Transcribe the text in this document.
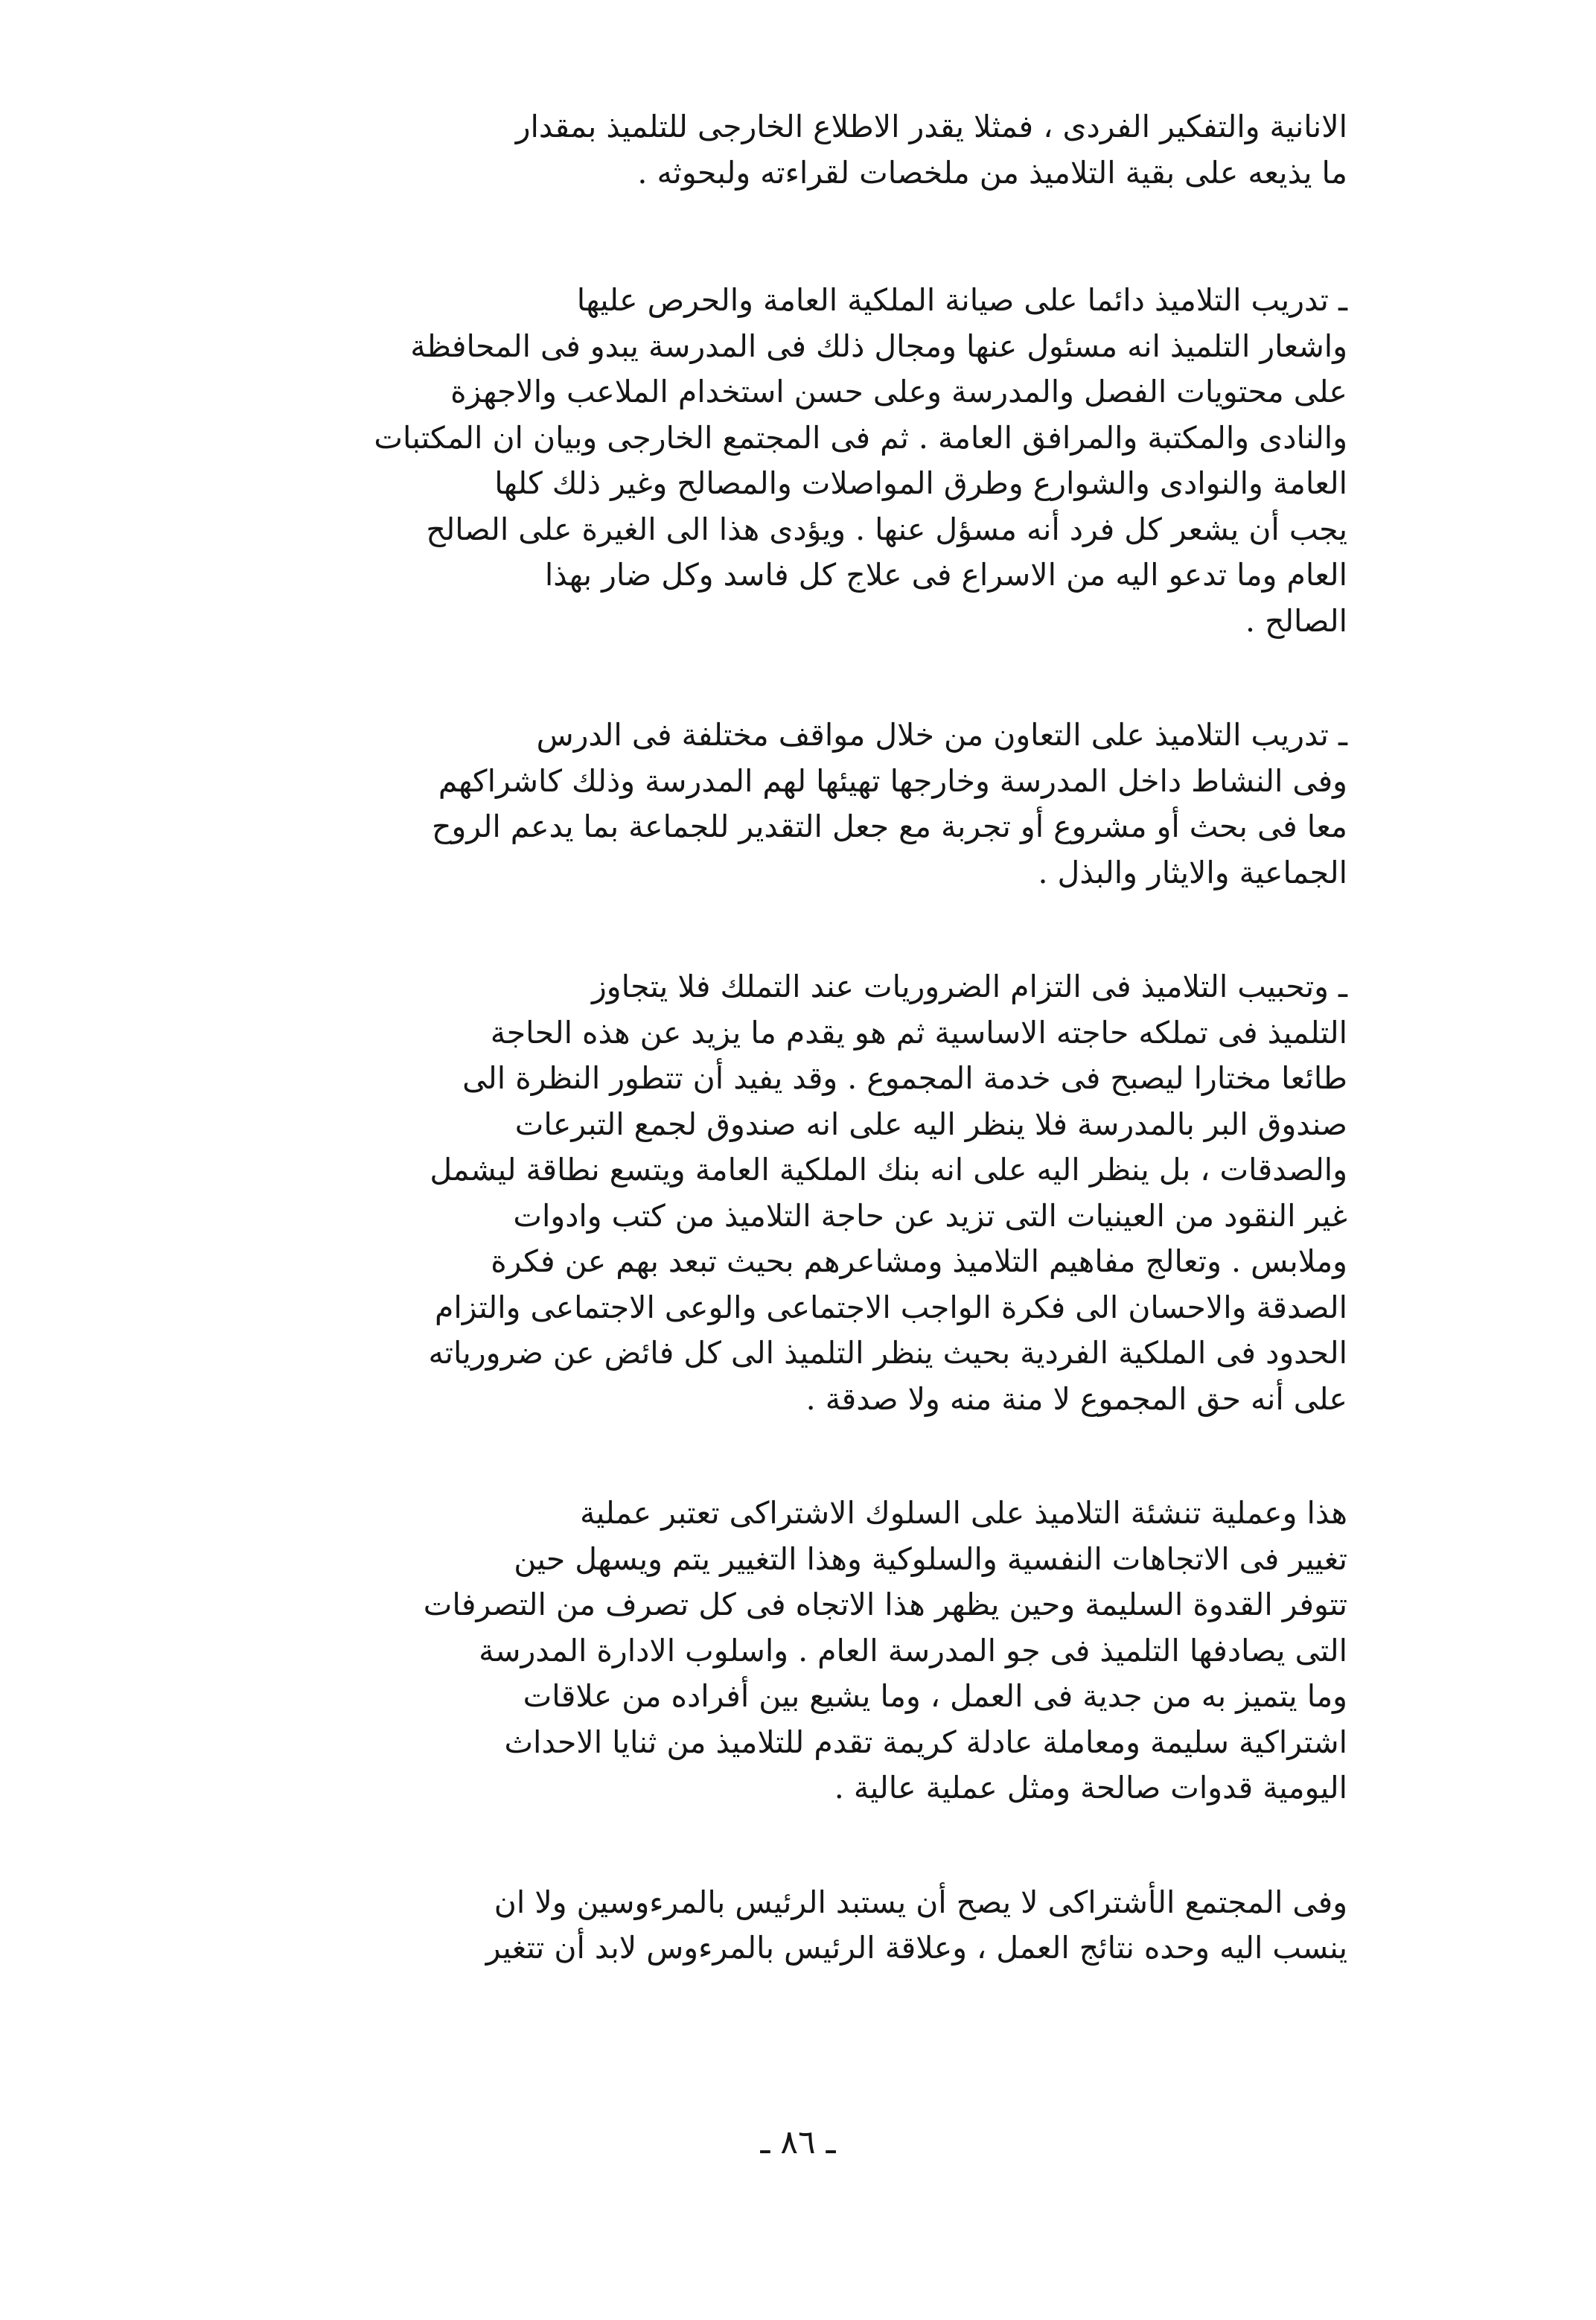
الانانية والتفكير الفردى ، فمثلا يقدر الاطلاع الخارجى للتلميذ بمقدار
ما يذيعه على بقية التلاميذ من ملخصات لقراءته ولبحوثه .

ـ تدريب التلاميذ دائما على صيانة الملكية العامة والحرص عليها
واشعار التلميذ انه مسئول عنها ومجال ذلك فى المدرسة يبدو فى المحافظة
على محتويات الفصل والمدرسة وعلى حسن استخدام الملاعب والاجهزة
والنادى والمكتبة والمرافق العامة . ثم فى المجتمع الخارجى وبيان ان المكتبات
العامة والنوادى والشوارع وطرق المواصلات والمصالح وغير ذلك كلها
يجب أن يشعر كل فرد أنه مسؤل عنها . ويؤدى هذا الى الغيرة على الصالح
العام وما تدعو اليه من الاسراع فى علاج كل فاسد وكل ضار بهذا
الصالح .

ـ تدريب التلاميذ على التعاون من خلال مواقف مختلفة فى الدرس
وفى النشاط داخل المدرسة وخارجها تهيئها لهم المدرسة وذلك كاشراكهم
معا فى بحث أو مشروع أو تجربة مع جعل التقدير للجماعة بما يدعم الروح
الجماعية والايثار والبذل .

ـ وتحبيب التلاميذ فى التزام الضروريات عند التملك فلا يتجاوز
التلميذ فى تملكه حاجته الاساسية ثم هو يقدم ما يزيد عن هذه الحاجة
طائعا مختارا ليصبح فى خدمة المجموع . وقد يفيد أن تتطور النظرة الى
صندوق البر بالمدرسة فلا ينظر اليه على انه صندوق لجمع التبرعات
والصدقات ، بل ينظر اليه على انه بنك الملكية العامة ويتسع نطاقة ليشمل
غير النقود من العينيات التى تزيد عن حاجة التلاميذ من كتب وادوات
وملابس . وتعالج مفاهيم التلاميذ ومشاعرهم بحيث تبعد بهم عن فكرة
الصدقة والاحسان الى فكرة الواجب الاجتماعى والوعى الاجتماعى والتزام
الحدود فى الملكية الفردية بحيث ينظر التلميذ الى كل فائض عن ضرورياته
على أنه حق المجموع لا منة منه ولا صدقة .

هذا وعملية تنشئة التلاميذ على السلوك الاشتراكى تعتبر عملية
تغيير فى الاتجاهات النفسية والسلوكية وهذا التغيير يتم ويسهل حين
تتوفر القدوة السليمة وحين يظهر هذا الاتجاه فى كل تصرف من التصرفات
التى يصادفها التلميذ فى جو المدرسة العام . واسلوب الادارة المدرسة
وما يتميز به من جدية فى العمل ، وما يشيع بين أفراده من علاقات
اشتراكية سليمة ومعاملة عادلة كريمة تقدم للتلاميذ من ثنايا الاحداث
اليومية قدوات صالحة ومثل عملية عالية .

وفى المجتمع الأشتراكى لا يصح أن يستبد الرئيس بالمرءوسين ولا ان
ينسب اليه وحده نتائج العمل ، وعلاقة الرئيس بالمرءوس لابد أن تتغير

ـ ٨٦ ـ
